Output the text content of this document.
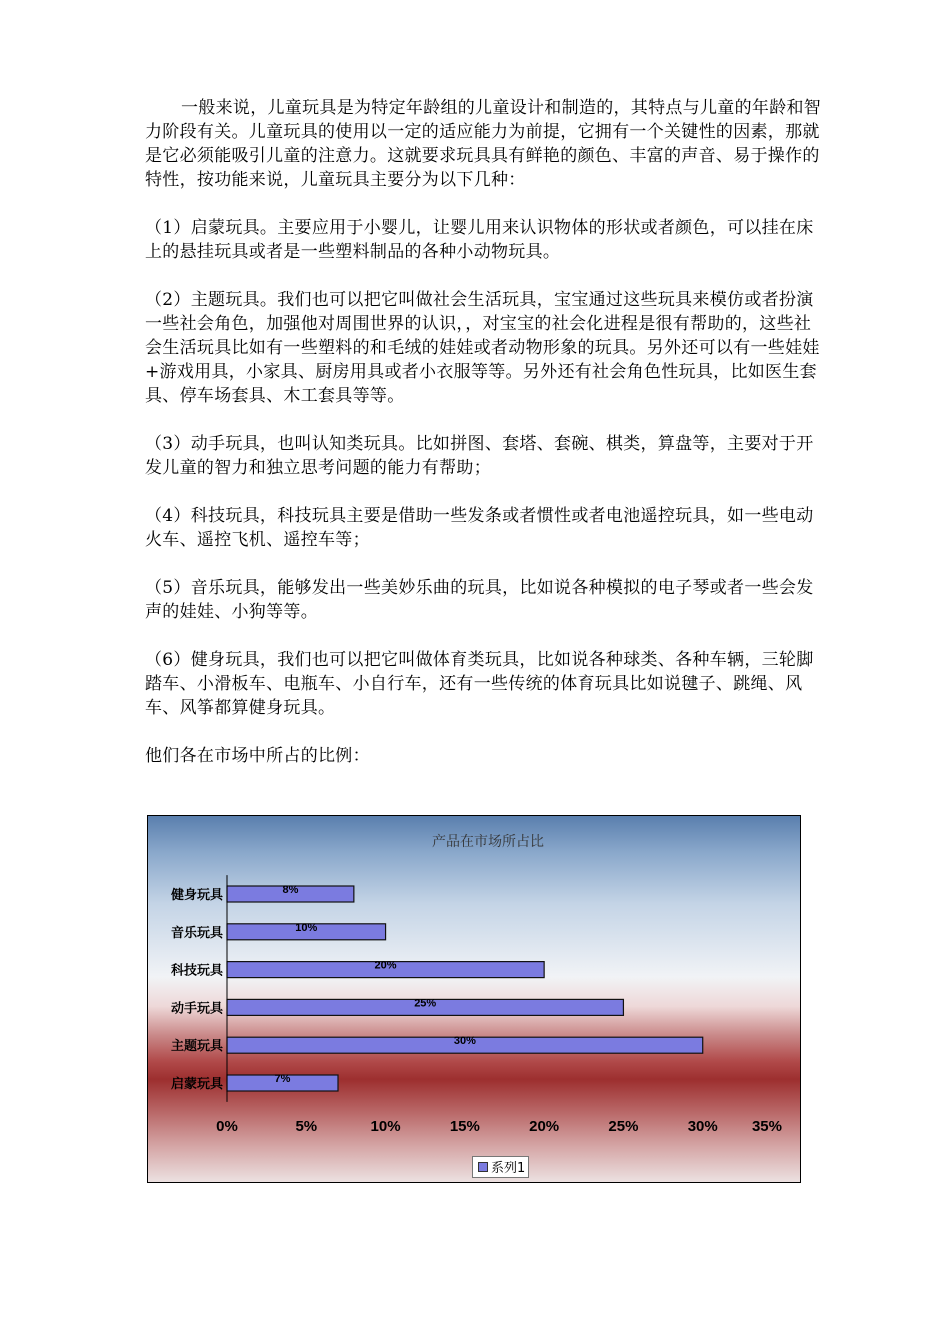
一般来说，儿童玩具是为特定年龄组的儿童设计和制造的，其特点与儿童的年龄和智力阶段有关。儿童玩具的使用以一定的适应能力为前提，它拥有一个关键性的因素，那就是它必须能吸引儿童的注意力。这就要求玩具具有鲜艳的颜色、丰富的声音、易于操作的特性，按功能来说，儿童玩具主要分为以下几种：

（1）启蒙玩具。主要应用于小婴儿，让婴儿用来认识物体的形状或者颜色，可以挂在床上的悬挂玩具或者是一些塑料制品的各种小动物玩具。

（2）主题玩具。我们也可以把它叫做社会生活玩具，宝宝通过这些玩具来模仿或者扮演一些社会角色，加强他对周围世界的认识，，对宝宝的社会化进程是很有帮助的，这些社会生活玩具比如有一些塑料的和毛绒的娃娃或者动物形象的玩具。另外还可以有一些娃娃+游戏用具，小家具、厨房用具或者小衣服等等。另外还有社会角色性玩具，比如医生套具、停车场套具、木工套具等等。

（3）动手玩具，也叫认知类玩具。比如拼图、套塔、套碗、棋类，算盘等，主要对于开发儿童的智力和独立思考问题的能力有帮助；

（4）科技玩具，科技玩具主要是借助一些发条或者惯性或者电池遥控玩具，如一些电动火车、遥控飞机、遥控车等；

（5）音乐玩具，能够发出一些美妙乐曲的玩具，比如说各种模拟的电子琴或者一些会发声的娃娃、小狗等等。

（6）健身玩具，我们也可以把它叫做体育类玩具，比如说各种球类、各种车辆，三轮脚踏车、小滑板车、电瓶车、小自行车，还有一些传统的体育玩具比如说毽子、跳绳、风车、风筝都算健身玩具。

他们各在市场中所占的比例：

产品在市场所占比
健身玩具	8%
音乐玩具	10%
科技玩具	20%
动手玩具	25%
主题玩具	30%
启蒙玩具	7%
0%	5%	10%	15%	20%	25%	30% 35%
系列1
